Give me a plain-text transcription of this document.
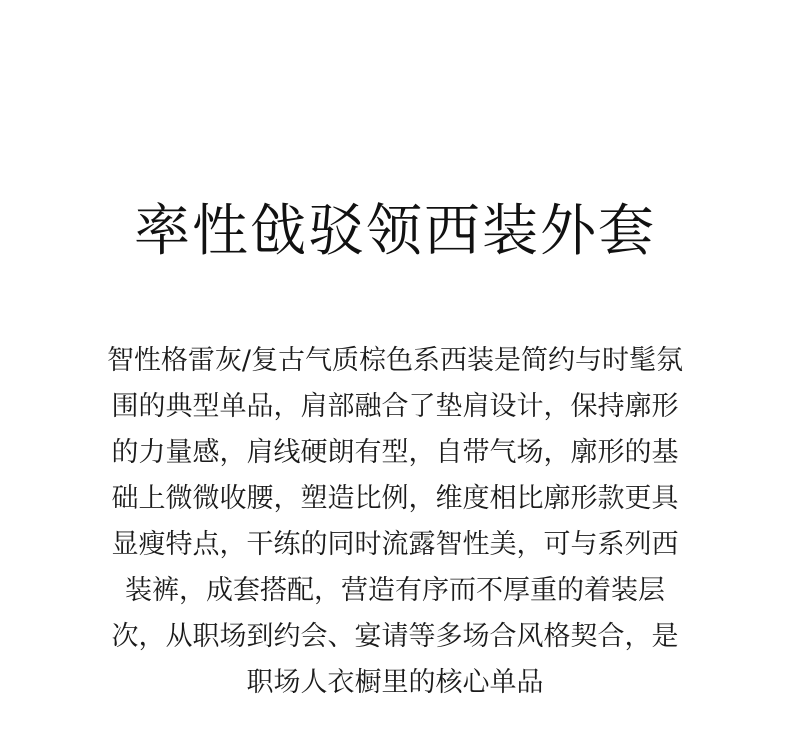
率性戗驳领西装外套
智性格雷灰/复古气质棕色系西装是简约与时髦氛
围的典型单品，肩部融合了垫肩设计，保持廓形
的力量感，肩线硬朗有型，自带气场，廓形的基
础上微微收腰，塑造比例，维度相比廓形款更具
显瘦特点，干练的同时流露智性美，可与系列西
装裤，成套搭配，营造有序而不厚重的着装层
次，从职场到约会、宴请等多场合风格契合，是
职场人衣橱里的核心单品
